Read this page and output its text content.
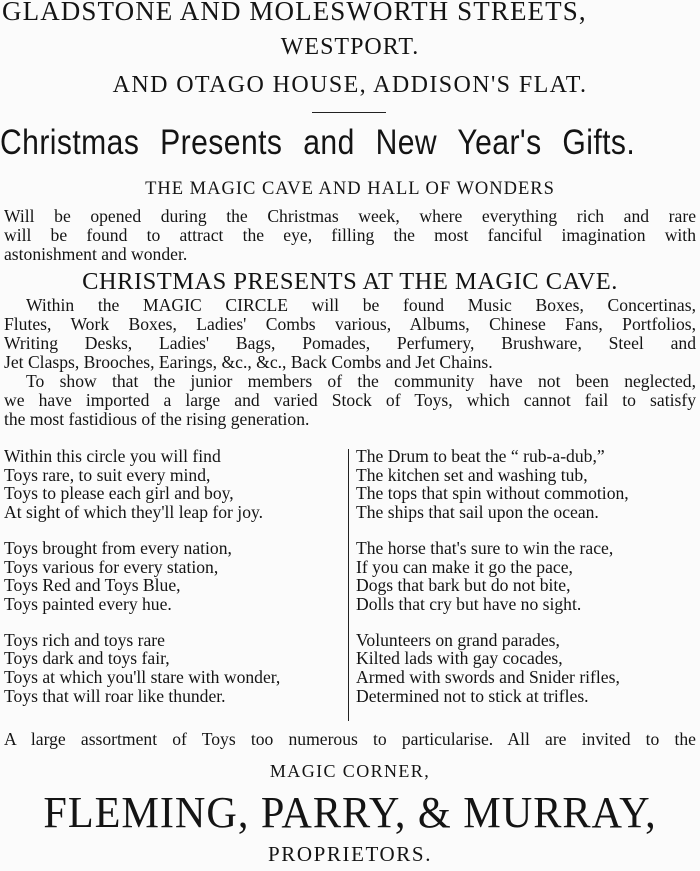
GLADSTONE AND MOLESWORTH STREETS,
WESTPORT.
AND OTAGO HOUSE, ADDISON'S FLAT.
Christmas Presents and New Year's Gifts.
THE MAGIC CAVE AND HALL OF WONDERS
Will be opened during the Christmas week, where everything rich and rare
will be found to attract the eye, filling the most fanciful imagination with
astonishment and wonder.
CHRISTMAS PRESENTS AT THE MAGIC CAVE.
Within the MAGIC CIRCLE will be found Music Boxes, Concertinas,
Flutes, Work Boxes, Ladies' Combs various, Albums, Chinese Fans, Portfolios,
Writing Desks, Ladies' Bags, Pomades, Perfumery, Brushware, Steel and
Jet Clasps, Brooches, Earings, &c., &c., Back Combs and Jet Chains.
To show that the junior members of the community have not been neglected,
we have imported a large and varied Stock of Toys, which cannot fail to satisfy
the most fastidious of the rising generation.
Within this circle you will find
Toys rare, to suit every mind,
Toys to please each girl and boy,
At sight of which they'll leap for joy.
Toys brought from every nation,
Toys various for every station,
Toys Red and Toys Blue,
Toys painted every hue.
Toys rich and toys rare
Toys dark and toys fair,
Toys at which you'll stare with wonder,
Toys that will roar like thunder.
The Drum to beat the “ rub-a-dub,”
The kitchen set and washing tub,
The tops that spin without commotion,
The ships that sail upon the ocean.
The horse that's sure to win the race,
If you can make it go the pace,
Dogs that bark but do not bite,
Dolls that cry but have no sight.
Volunteers on grand parades,
Kilted lads with gay cocades,
Armed with swords and Snider rifles,
Determined not to stick at trifles.
A large assortment of Toys too numerous to particularise. All are invited to the
MAGIC CORNER,
FLEMING, PARRY, & MURRAY,
PROPRIETORS.
